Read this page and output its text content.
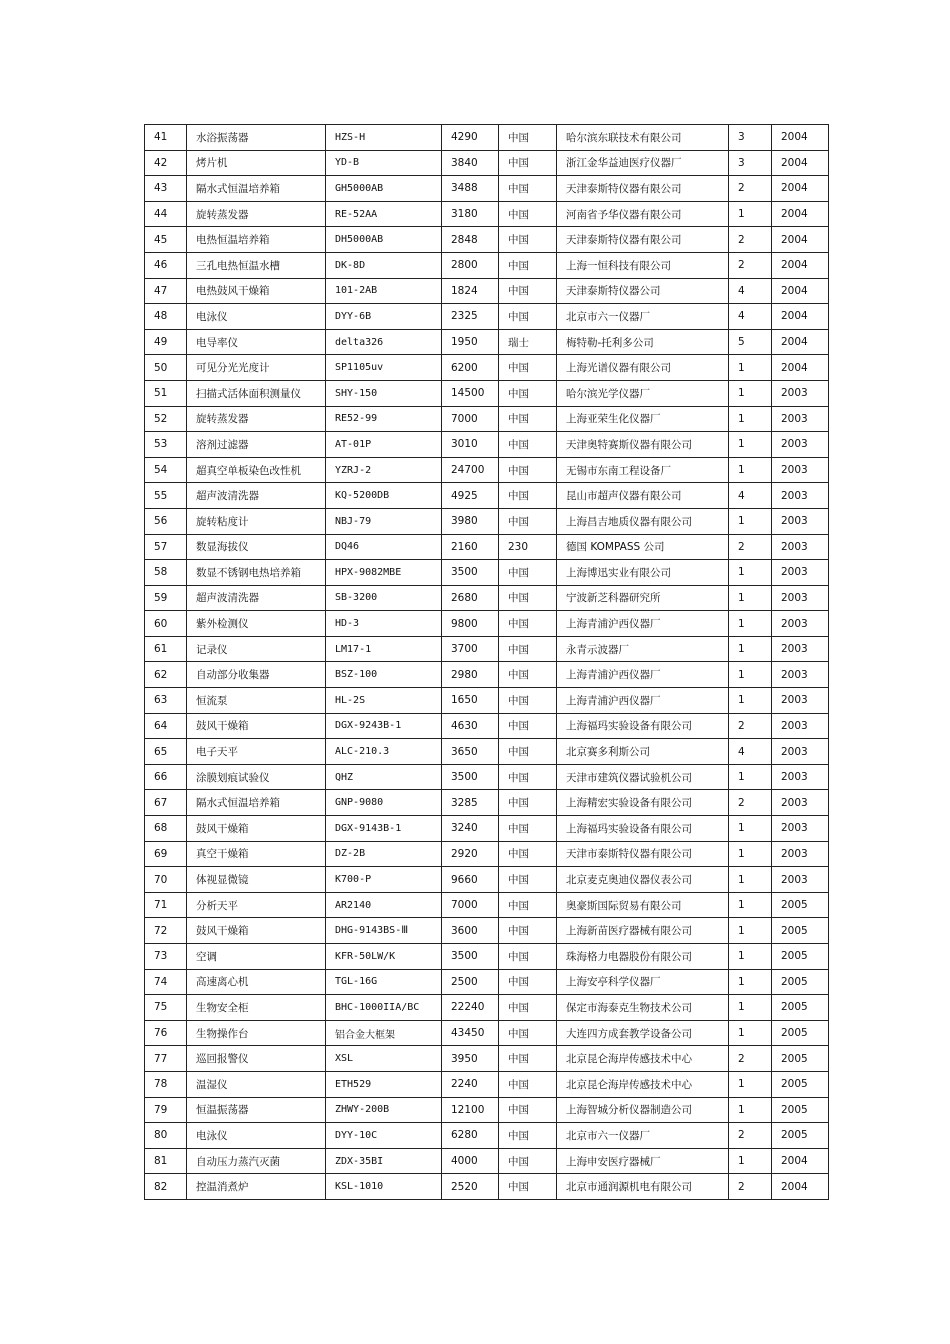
41	水浴振荡器	HZS-H	4290	中国	哈尔滨东联技术有限公司	3	2004
42	烤片机	YD-B	3840	中国	浙江金华益迪医疗仪器厂	3	2004
43	隔水式恒温培养箱	GH5000AB	3488	中国	天津泰斯特仪器有限公司	2	2004
44	旋转蒸发器	RE-52AA	3180	中国	河南省予华仪器有限公司	1	2004
45	电热恒温培养箱	DH5000AB	2848	中国	天津泰斯特仪器有限公司	2	2004
46	三孔电热恒温水槽	DK-8D	2800	中国	上海一恒科技有限公司	2	2004
47	电热鼓风干燥箱	101-2AB	1824	中国	天津泰斯特仪器公司	4	2004
48	电泳仪	DYY-6B	2325	中国	北京市六一仪器厂	4	2004
49	电导率仪	delta326	1950	瑞士	梅特勒-托利多公司	5	2004
50	可见分光光度计	SP1105uv	6200	中国	上海光谱仪器有限公司	1	2004
51	扫描式活体面积测量仪	SHY-150	14500	中国	哈尔滨光学仪器厂	1	2003
52	旋转蒸发器	RE52-99	7000	中国	上海亚荣生化仪器厂	1	2003
53	溶剂过滤器	AT-01P	3010	中国	天津奥特赛斯仪器有限公司	1	2003
54	超真空单板染色改性机	YZRJ-2	24700	中国	无锡市东南工程设备厂	1	2003
55	超声波清洗器	KQ-5200DB	4925	中国	昆山市超声仪器有限公司	4	2003
56	旋转粘度计	NBJ-79	3980	中国	上海昌吉地质仪器有限公司	1	2003
57	数显海拔仪	DQ46	2160	230	德国 KOMPASS 公司	2	2003
58	数显不锈钢电热培养箱	HPX-9082MBE	3500	中国	上海博迅实业有限公司	1	2003
59	超声波清洗器	SB-3200	2680	中国	宁波新芝科器研究所	1	2003
60	紫外检测仪	HD-3	9800	中国	上海青浦沪西仪器厂	1	2003
61	记录仪	LM17-1	3700	中国	永青示波器厂	1	2003
62	自动部分收集器	BSZ-100	2980	中国	上海青浦沪西仪器厂	1	2003
63	恒流泵	HL-2S	1650	中国	上海青浦沪西仪器厂	1	2003
64	鼓风干燥箱	DGX-9243B-1	4630	中国	上海福玛实验设备有限公司	2	2003
65	电子天平	ALC-210.3	3650	中国	北京赛多利斯公司	4	2003
66	涂膜划痕试验仪	QHZ	3500	中国	天津市建筑仪器试验机公司	1	2003
67	隔水式恒温培养箱	GNP-9080	3285	中国	上海精宏实验设备有限公司	2	2003
68	鼓风干燥箱	DGX-9143B-1	3240	中国	上海福玛实验设备有限公司	1	2003
69	真空干燥箱	DZ-2B	2920	中国	天津市泰斯特仪器有限公司	1	2003
70	体视显微镜	K700-P	9660	中国	北京麦克奥迪仪器仪表公司	1	2003
71	分析天平	AR2140	7000	中国	奥豪斯国际贸易有限公司	1	2005
72	鼓风干燥箱	DHG-9143BS-Ⅲ	3600	中国	上海新苗医疗器械有限公司	1	2005
73	空调	KFR-50LW/K	3500	中国	珠海格力电器股份有限公司	1	2005
74	高速离心机	TGL-16G	2500	中国	上海安亭科学仪器厂	1	2005
75	生物安全柜	BHC-1000IIA/BC	22240	中国	保定市海泰克生物技术公司	1	2005
76	生物操作台	铝合金大框架	43450	中国	大连四方成套教学设备公司	1	2005
77	巡回报警仪	XSL	3950	中国	北京昆仑海岸传感技术中心	2	2005
78	温湿仪	ETH529	2240	中国	北京昆仑海岸传感技术中心	1	2005
79	恒温振荡器	ZHWY-200B	12100	中国	上海智城分析仪器制造公司	1	2005
80	电泳仪	DYY-10C	6280	中国	北京市六一仪器厂	2	2005
81	自动压力蒸汽灭菌	ZDX-35BI	4000	中国	上海申安医疗器械厂	1	2004
82	控温消煮炉	KSL-1010	2520	中国	北京市通润源机电有限公司	2	2004
